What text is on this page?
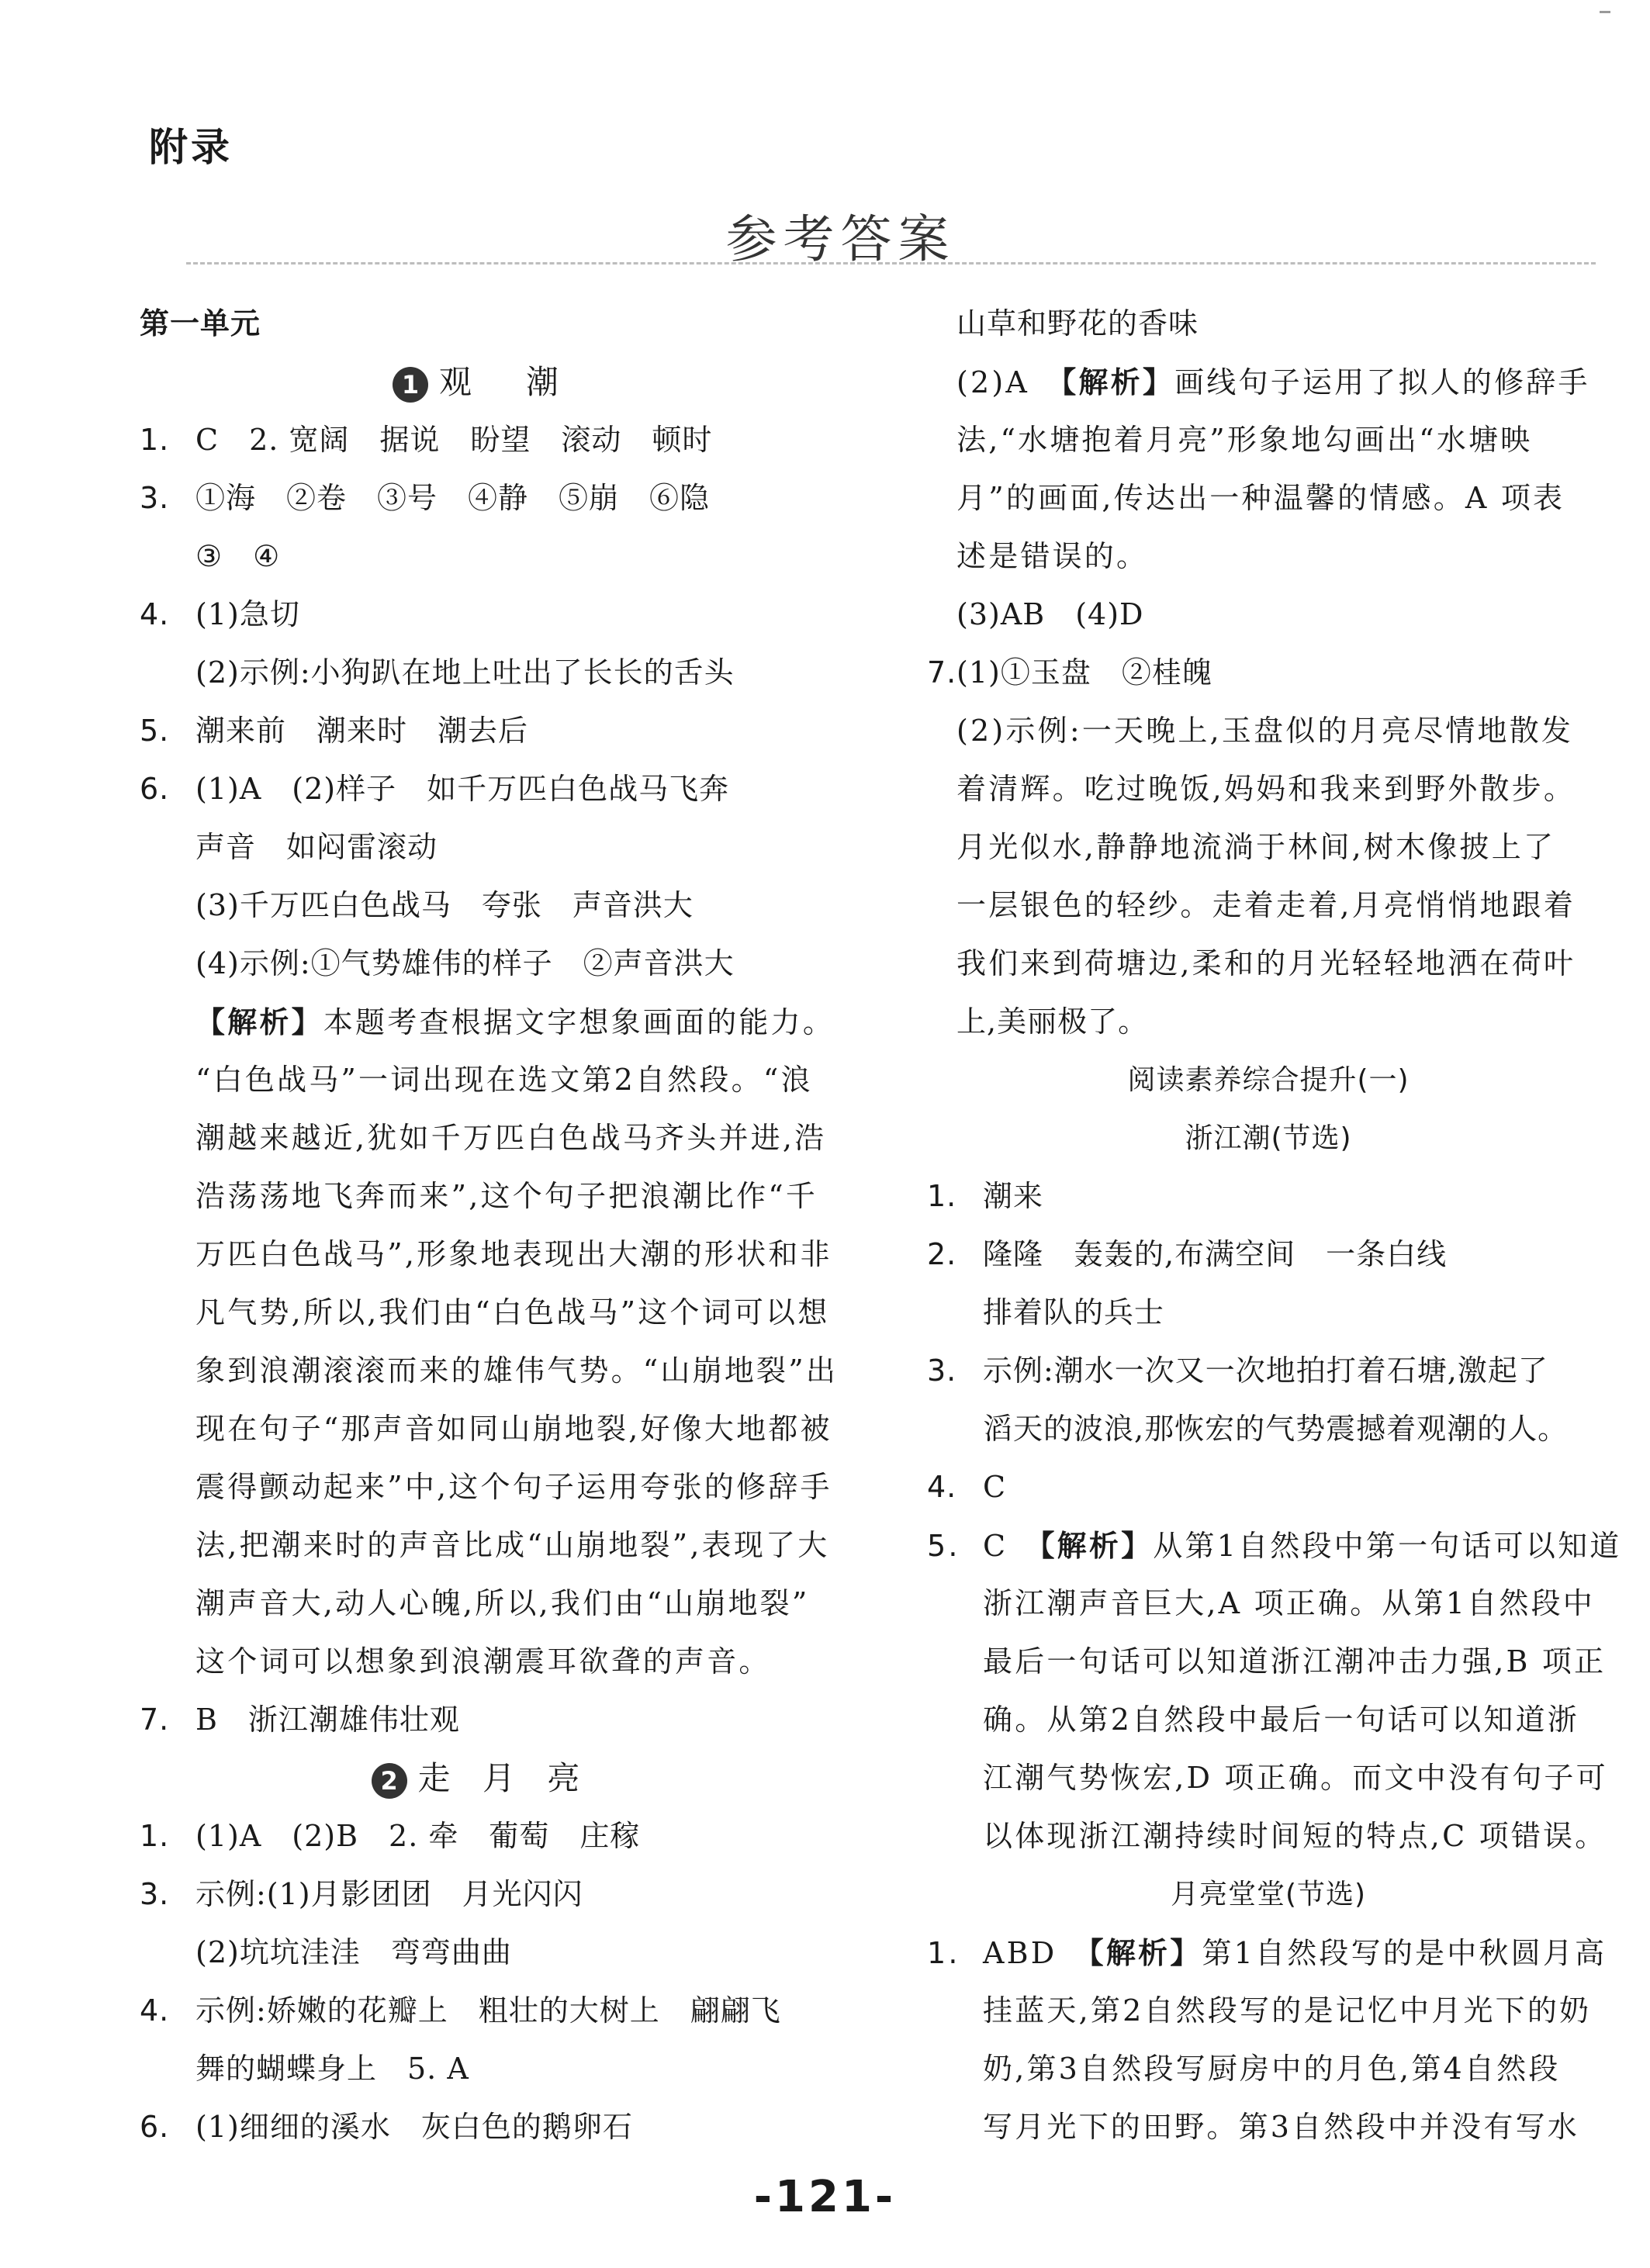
附录
参考答案
第一单元
1 观　潮
1. C　2. 宽阔　据说　盼望　滚动　顿时
3. ①海　②卷　③号　④静　⑤崩　⑥隐
③　④
4. (1)急切
(2)示例:小狗趴在地上吐出了长长的舌头
5. 潮来前　潮来时　潮去后
6. (1)A　(2)样子　如千万匹白色战马飞奔
声音　如闷雷滚动
(3)千万匹白色战马　夸张　声音洪大
(4)示例:①气势雄伟的样子　②声音洪大
【解析】本题考查根据文字想象画面的能力。
“白色战马”一词出现在选文第2自然段。“浪
潮越来越近,犹如千万匹白色战马齐头并进,浩
浩荡荡地飞奔而来”,这个句子把浪潮比作“千
万匹白色战马”,形象地表现出大潮的形状和非
凡气势,所以,我们由“白色战马”这个词可以想
象到浪潮滚滚而来的雄伟气势。“山崩地裂”出
现在句子“那声音如同山崩地裂,好像大地都被
震得颤动起来”中,这个句子运用夸张的修辞手
法,把潮来时的声音比成“山崩地裂”,表现了大
潮声音大,动人心魄,所以,我们由“山崩地裂”
这个词可以想象到浪潮震耳欲聋的声音。
7. B　浙江潮雄伟壮观
2 走 月 亮
1. (1)A　(2)B　2. 牵　葡萄　庄稼
3. 示例:(1)月影团团　月光闪闪
(2)坑坑洼洼　弯弯曲曲
4. 示例:娇嫩的花瓣上　粗壮的大树上　翩翩飞
舞的蝴蝶身上　5. A
6. (1)细细的溪水　灰白色的鹅卵石
山草和野花的香味
(2)A　【解析】画线句子运用了拟人的修辞手
法,“水塘抱着月亮”形象地勾画出“水塘映
月”的画面,传达出一种温馨的情感。A 项表
述是错误的。
(3)AB　(4)D
7.(1)①玉盘　②桂魄
(2)示例:一天晚上,玉盘似的月亮尽情地散发
着清辉。吃过晚饭,妈妈和我来到野外散步。
月光似水,静静地流淌于林间,树木像披上了
一层银色的轻纱。走着走着,月亮悄悄地跟着
我们来到荷塘边,柔和的月光轻轻地洒在荷叶
上,美丽极了。
阅读素养综合提升(一)
浙江潮(节选)
1. 潮来
2. 隆隆　轰轰的,布满空间　一条白线
排着队的兵士
3. 示例:潮水一次又一次地拍打着石塘,激起了
滔天的波浪,那恢宏的气势震撼着观潮的人。
4. C
5. C　【解析】从第1自然段中第一句话可以知道
浙江潮声音巨大,A 项正确。从第1自然段中
最后一句话可以知道浙江潮冲击力强,B 项正
确。从第2自然段中最后一句话可以知道浙
江潮气势恢宏,D 项正确。而文中没有句子可
以体现浙江潮持续时间短的特点,C 项错误。
月亮堂堂(节选)
1. ABD　【解析】第1自然段写的是中秋圆月高
挂蓝天,第2自然段写的是记忆中月光下的奶
奶,第3自然段写厨房中的月色,第4自然段
写月光下的田野。第3自然段中并没有写水
-121-
